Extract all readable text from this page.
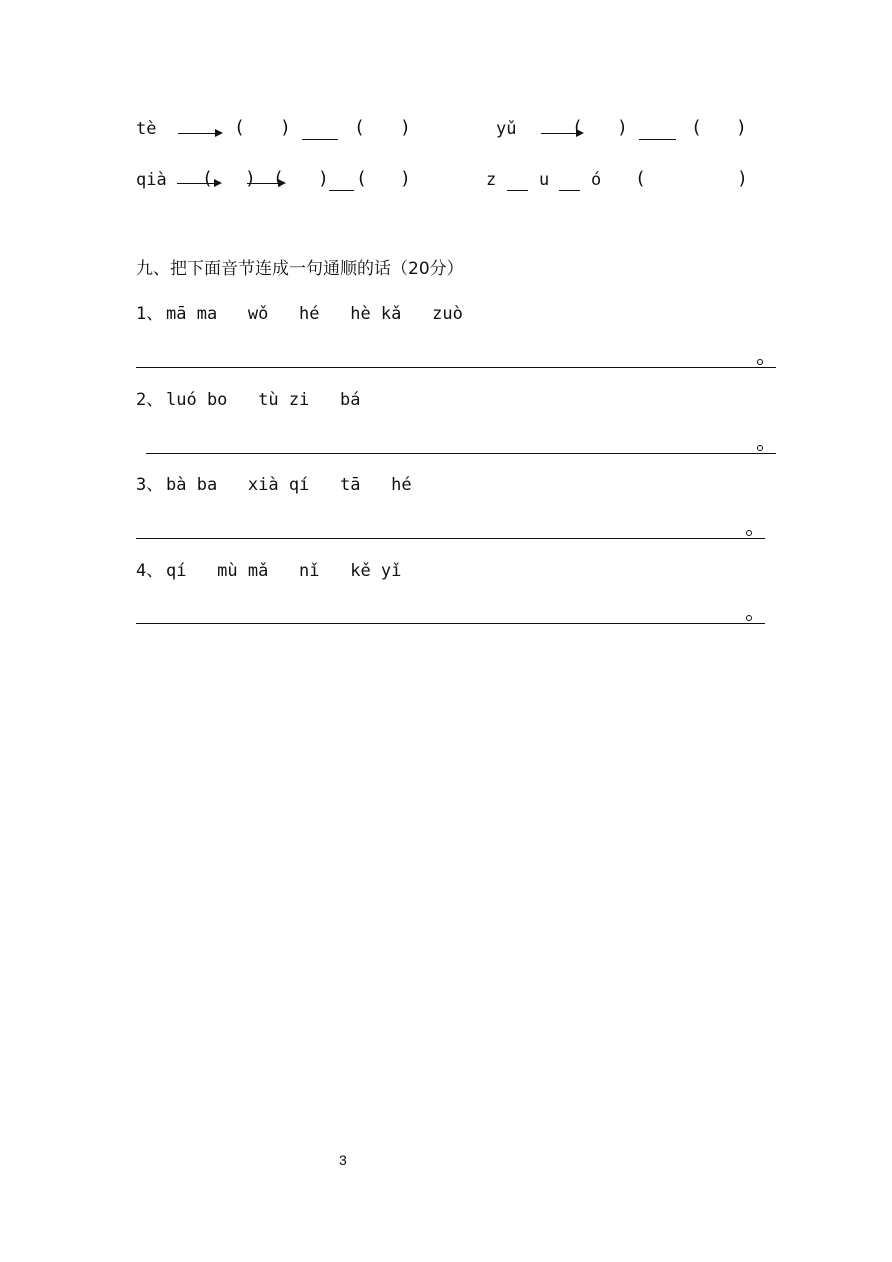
tè	( )	( )	yǔ	( )	( )
qià ( ) ( ) ( )	z	u ó (	)
九、把下面音节连成一句通顺的话（20分）
1、 mā ma   wǒ   hé   hè kǎ   zuò
2、 luó bo   tù zi   bá
3、 bà ba   xià qí   tā   hé
4、 qí   mù mǎ   nǐ   kě yǐ
3
